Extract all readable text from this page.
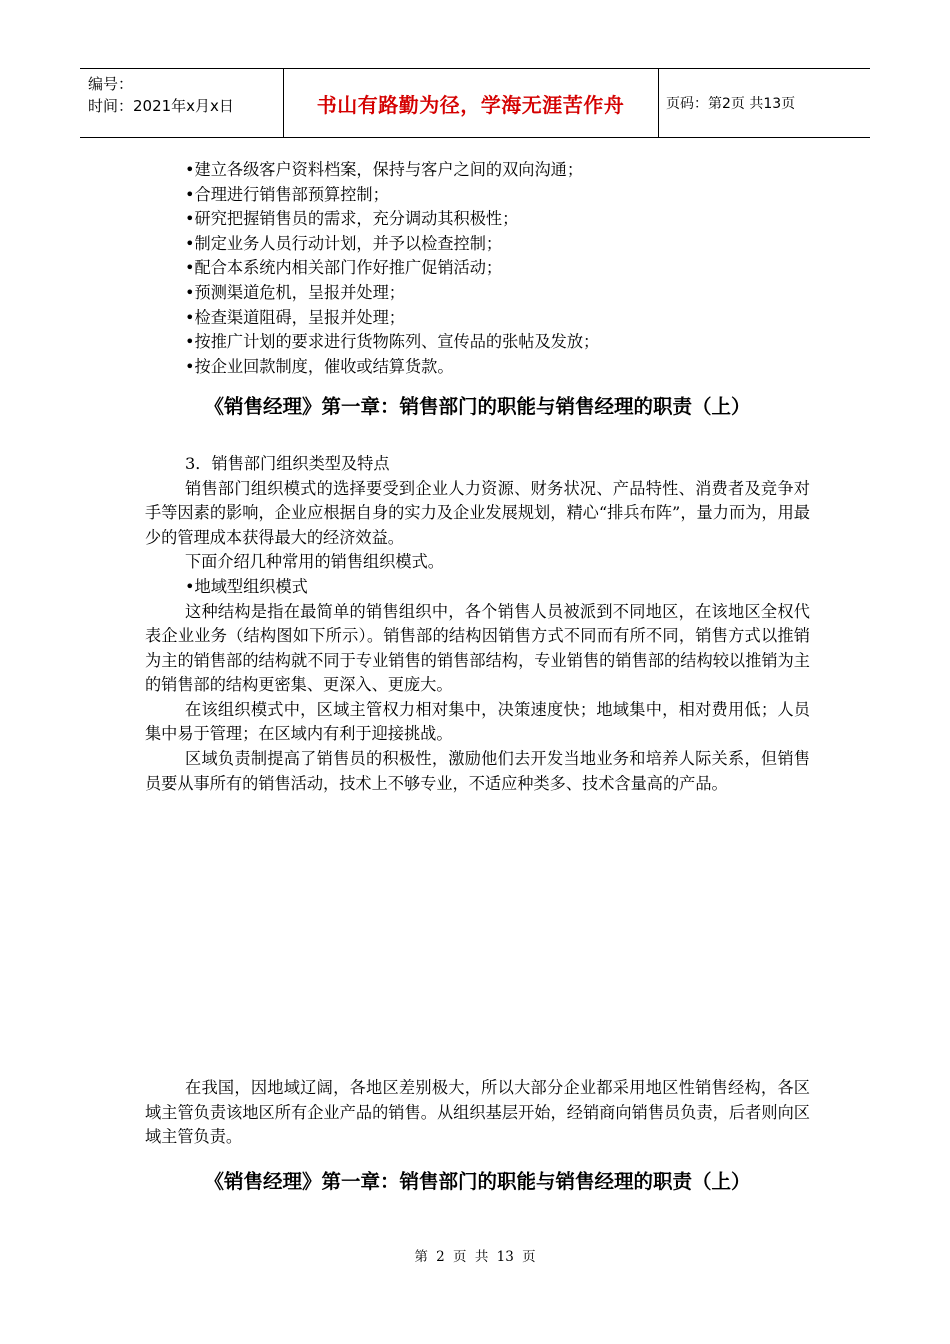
编号：
时间：2021年x月x日	书山有路勤为径，学海无涯苦作舟	页码：第2页 共13页
•建立各级客户资料档案，保持与客户之间的双向沟通；
•合理进行销售部预算控制；
•研究把握销售员的需求，充分调动其积极性；
•制定业务人员行动计划，并予以检查控制；
•配合本系统内相关部门作好推广促销活动；
•预测渠道危机，呈报并处理；
•检查渠道阻碍，呈报并处理；
•按推广计划的要求进行货物陈列、宣传品的张帖及发放；
•按企业回款制度，催收或结算货款。
《销售经理》第一章：销售部门的职能与销售经理的职责（上）
3．销售部门组织类型及特点

销售部门组织模式的选择要受到企业人力资源、财务状况、产品特性、消费者及竞争对手等因素的影响，企业应根据自身的实力及企业发展规划，精心“排兵布阵”，量力而为，用最少的管理成本获得最大的经济效益。

下面介绍几种常用的销售组织模式。
•地域型组织模式

这种结构是指在最简单的销售组织中，各个销售人员被派到不同地区，在该地区全权代表企业业务（结构图如下所示）。销售部的结构因销售方式不同而有所不同，销售方式以推销为主的销售部的结构就不同于专业销售的销售部结构，专业销售的销售部的结构较以推销为主的销售部的结构更密集、更深入、更庞大。

在该组织模式中，区域主管权力相对集中，决策速度快；地域集中，相对费用低；人员集中易于管理；在区域内有利于迎接挑战。

区域负责制提高了销售员的积极性，激励他们去开发当地业务和培养人际关系，但销售员要从事所有的销售活动，技术上不够专业，不适应种类多、技术含量高的产品。

在我国，因地域辽阔，各地区差别极大，所以大部分企业都采用地区性销售经构，各区域主管负责该地区所有企业产品的销售。从组织基层开始，经销商向销售员负责，后者则向区域主管负责。

《销售经理》第一章：销售部门的职能与销售经理的职责（上）
第 2 页 共 13 页
